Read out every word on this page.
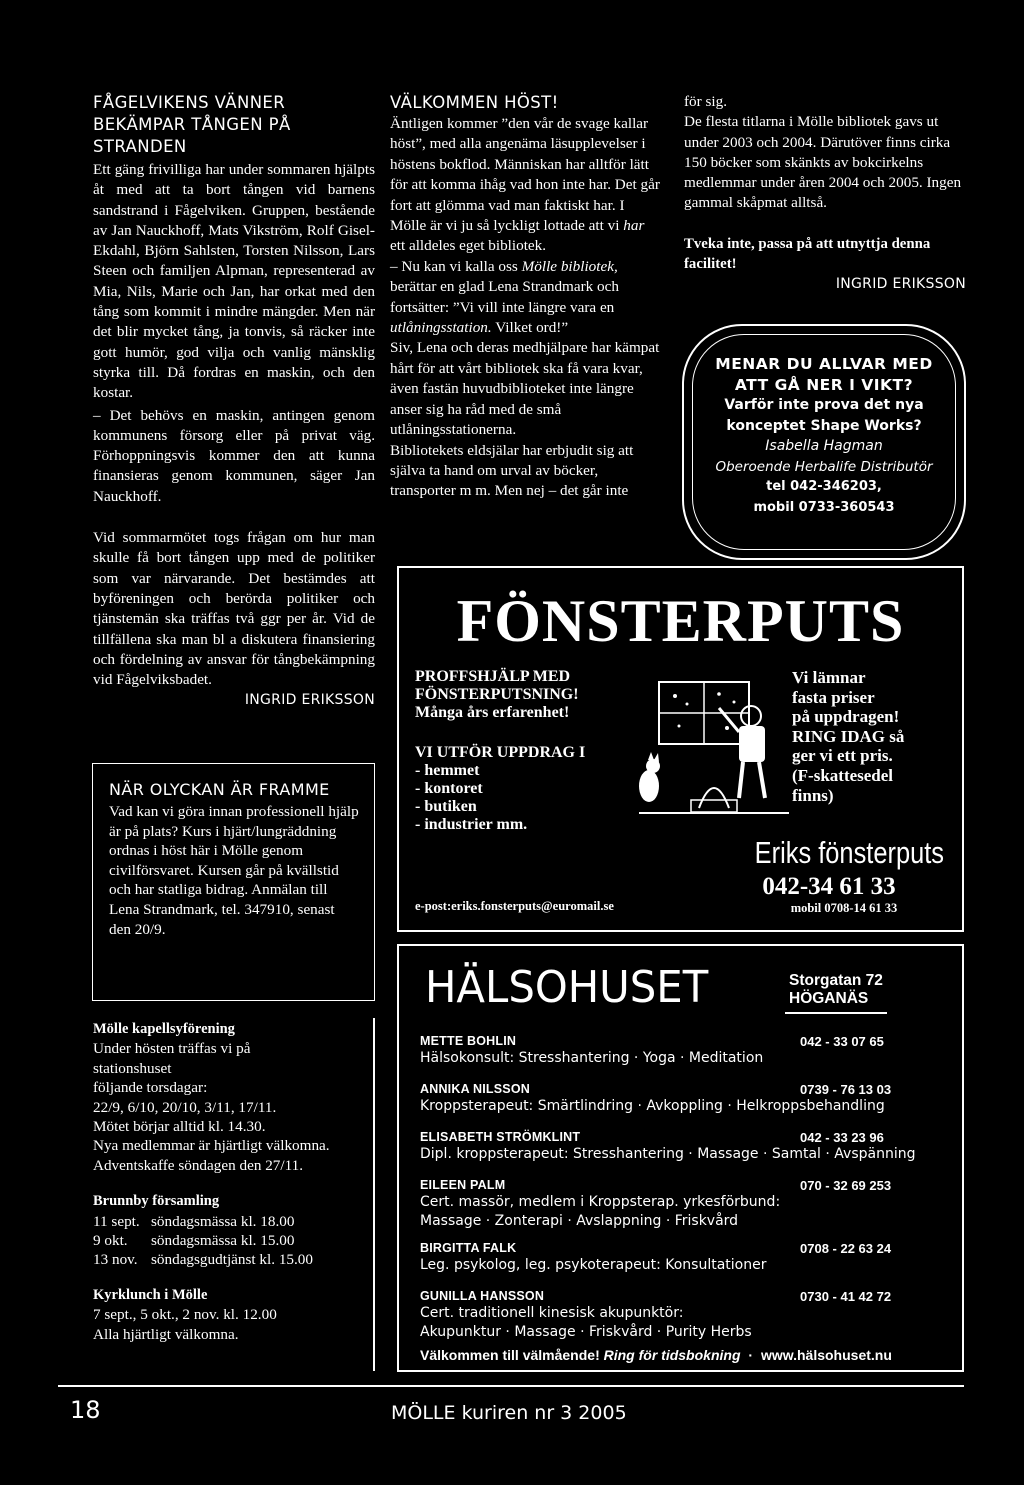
FÅGELVIKENS VÄNNER BEKÄMPAR TÅNGEN PÅ STRANDEN

Ett gäng frivilliga har under sommaren hjälpts åt med att ta bort tången vid barnens sandstrand i Fågelviken. Gruppen, bestående av Jan Nauckhoff, Mats Vikström, Rolf Gisel-Ekdahl, Björn Sahlsten, Torsten Nilsson, Lars Steen och familjen Alpman, representerad av Mia, Nils, Marie och Jan, har orkat med den tång som kommit i mindre mängder. Men när det blir mycket tång, ja tonvis, så räcker inte gott humör, god vilja och vanlig mänsklig styrka till. Då fordras en maskin, och den kostar.

– Det behövs en maskin, antingen genom kommunens försorg eller på privat väg. Förhoppningsvis kommer den att kunna finansieras genom kommunen, säger Jan Nauckhoff.

Vid sommarmötet togs frågan om hur man skulle få bort tången upp med de politiker som var närvarande. Det bestämdes att byföreningen och berörda politiker och tjänstemän ska träffas två ggr per år. Vid de tillfällena ska man bl a diskutera finansiering och fördelning av ansvar för tångbekämpning vid Fågelviksbadet.

INGRID ERIKSSON
NÄR OLYCKAN ÄR FRAMME
Vad kan vi göra innan professionell hjälp är på plats? Kurs i hjärt/lungräddning ordnas i höst här i Mölle genom civilförsvaret. Kursen går på kvällstid och har statliga bidrag. Anmälan till Lena Strandmark, tel. 347910, senast den 20/9.
Mölle kapellsyförening
Under hösten träffas vi på
stationshuset
följande torsdagar:
22/9, 6/10, 20/10, 3/11, 17/11.
Mötet börjar alltid kl. 14.30.
Nya medlemmar är hjärtligt välkomna.
Adventskaffe söndagen den 27/11.
Brunnby församling
11 sept. söndagsmässa kl. 18.00
9 okt.	söndagsmässa kl. 15.00
13 nov. söndagsgudtjänst kl. 15.00
Kyrklunch i Mölle
7 sept., 5 okt., 2 nov. kl. 12.00
Alla hjärtligt välkomna.
VÄLKOMMEN HÖST!

Äntligen kommer ”den vår de svage kallar höst”, med alla angenäma läsupplevelser i höstens bokflod. Människan har alltför lätt för att komma ihåg vad hon inte har. Det går fort att glömma vad man faktiskt har. I Mölle är vi ju så lyckligt lottade att vi har ett alldeles eget bibliotek.

– Nu kan vi kalla oss Mölle bibliotek, berättar en glad Lena Strandmark och fortsätter: ”Vi vill inte längre vara en utlåningsstation. Vilket ord!”

Siv, Lena och deras medhjälpare har kämpat hårt för att vårt bibliotek ska få vara kvar, även fastän huvudbiblioteket inte längre anser sig ha råd med de små utlåningsstationerna.

Bibliotekets eldsjälar har erbjudit sig att själva ta hand om urval av böcker, transporter m m. Men nej – det går inte

för sig.
De flesta titlarna i Mölle bibliotek gavs ut under 2003 och 2004. Därutöver finns cirka 150 böcker som skänkts av bokcirkelns medlemmar under åren 2004 och 2005. Ingen gammal skåpmat alltså.
Tveka inte, passa på att utnyttja denna facilitet!
INGRID ERIKSSON
MENAR DU ALLVAR MED
ATT GÅ NER I VIKT?
Varför inte prova det nya
konceptet Shape Works?
Isabella Hagman
Oberoende Herbalife Distributör
tel 042-346203,
mobil 0733-360543
FÖNSTERPUTS
PROFFSHJÄLP MED
FÖNSTERPUTSNING!
Många års erfarenhet!
VI UTFÖR UPPDRAG I
- hemmet
- kontoret
- butiken
- industrier mm.
Vi lämnar
fasta priser
på uppdragen!
RING IDAG så
ger vi ett pris.
(F-skattesedel
finns)
Eriks fönsterputs
042-34 61 33
e-post:eriks.fonsterputs@euromail.se	mobil 0708-14 61 33
HÄLSOHUSET	Storgatan 72
HÖGANÄS
METTE BOHLIN	042 - 33 07 65
Hälsokonsult: Stresshantering · Yoga · Meditation
ANNIKA NILSSON	0739 - 76 13 03
Kroppsterapeut: Smärtlindring · Avkoppling · Helkroppsbehandling
ELISABETH STRÖMKLINT	042 - 33 23 96
Dipl. kroppsterapeut: Stresshantering · Massage · Samtal · Avspänning
EILEEN PALM	070 - 32 69 253
Cert. massör, medlem i Kroppsterap. yrkesförbund:
Massage · Zonterapi · Avslappning · Friskvård
BIRGITTA FALK	0708 - 22 63 24
Leg. psykolog, leg. psykoterapeut: Konsultationer
GUNILLA HANSSON	0730 - 41 42 72
Cert. traditionell kinesisk akupunktör:
Akupunktur · Massage · Friskvård · Purity Herbs
Välkommen till välmående! Ring för tidsbokning · www.hälsohuset.nu
18	MÖLLE kuriren nr 3 2005
